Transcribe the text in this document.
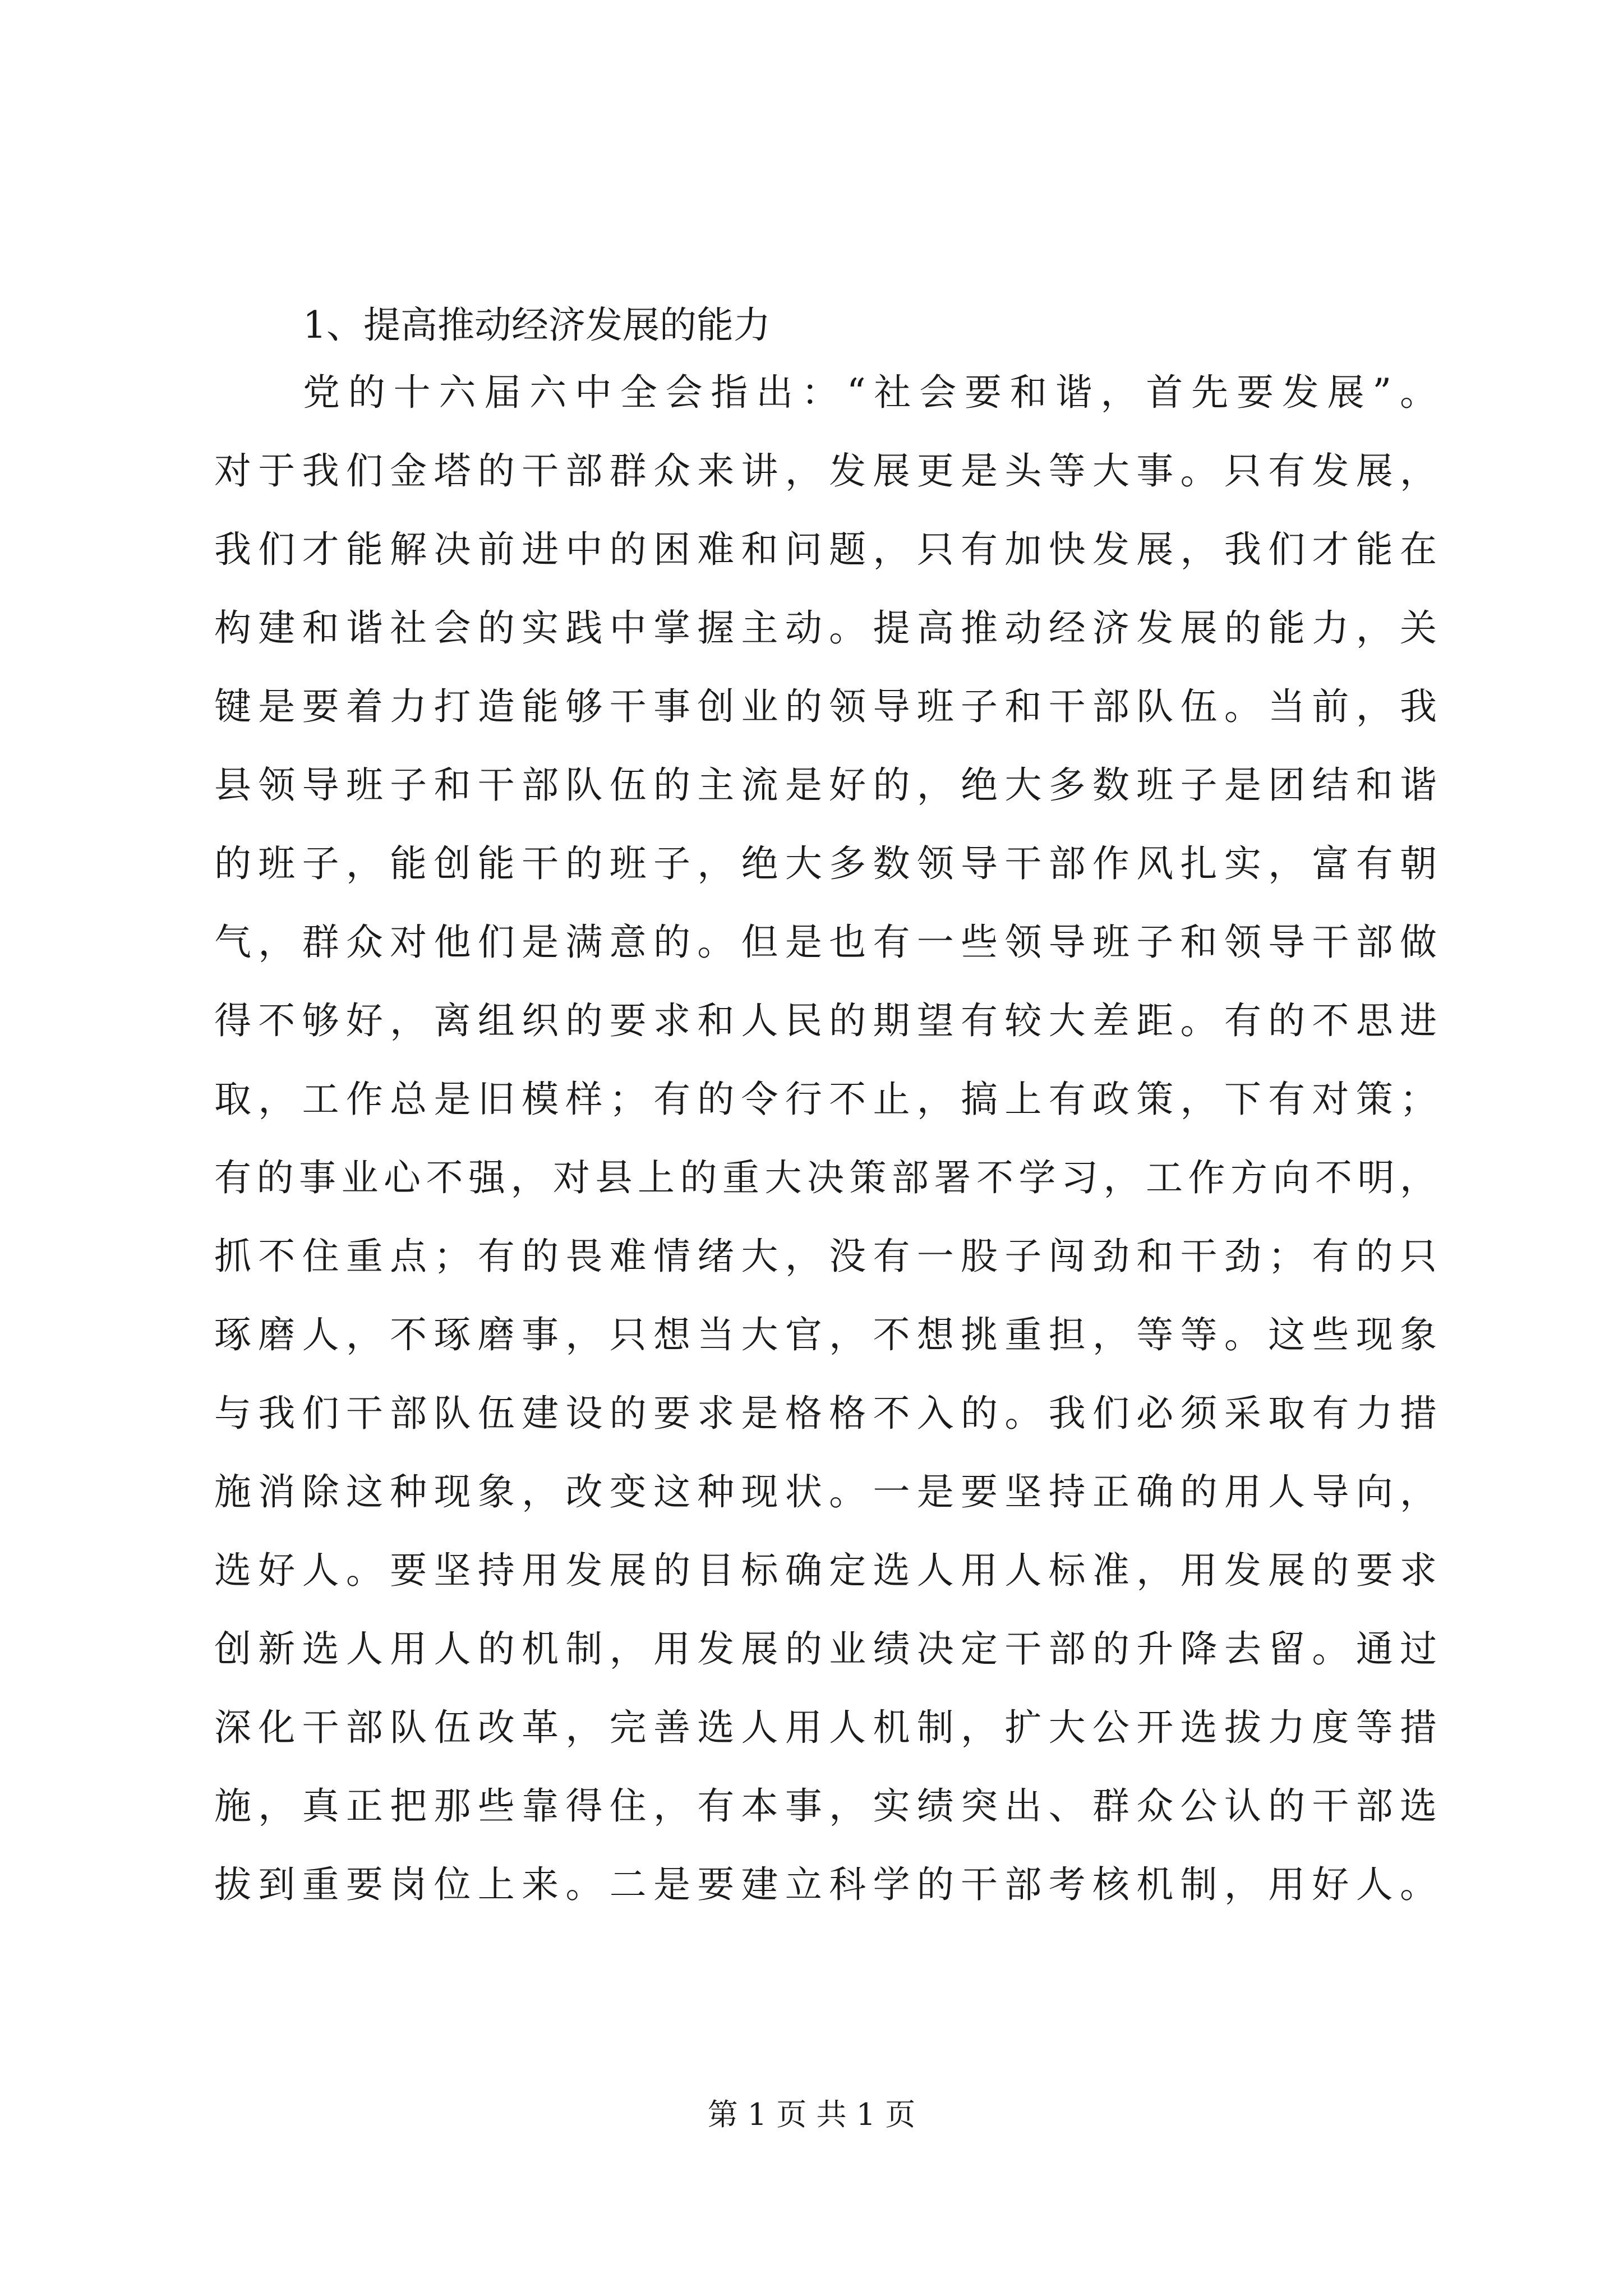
1、提高推动经济发展的能力
党的十六届六中全会指出：“社会要和谐，首先要发展”。
对于我们金塔的干部群众来讲，发展更是头等大事。只有发展，
我们才能解决前进中的困难和问题，只有加快发展，我们才能在
构建和谐社会的实践中掌握主动。提高推动经济发展的能力，关
键是要着力打造能够干事创业的领导班子和干部队伍。当前，我
县领导班子和干部队伍的主流是好的，绝大多数班子是团结和谐
的班子，能创能干的班子，绝大多数领导干部作风扎实，富有朝
气，群众对他们是满意的。但是也有一些领导班子和领导干部做
得不够好，离组织的要求和人民的期望有较大差距。有的不思进
取，工作总是旧模样；有的令行不止，搞上有政策，下有对策；
有的事业心不强，对县上的重大决策部署不学习，工作方向不明，
抓不住重点；有的畏难情绪大，没有一股子闯劲和干劲；有的只
琢磨人，不琢磨事，只想当大官，不想挑重担，等等。这些现象
与我们干部队伍建设的要求是格格不入的。我们必须采取有力措
施消除这种现象，改变这种现状。一是要坚持正确的用人导向，
选好人。要坚持用发展的目标确定选人用人标准，用发展的要求
创新选人用人的机制，用发展的业绩决定干部的升降去留。通过
深化干部队伍改革，完善选人用人机制，扩大公开选拔力度等措
施，真正把那些靠得住，有本事，实绩突出、群众公认的干部选
拔到重要岗位上来。二是要建立科学的干部考核机制，用好人。
第 1 页 共 1 页
